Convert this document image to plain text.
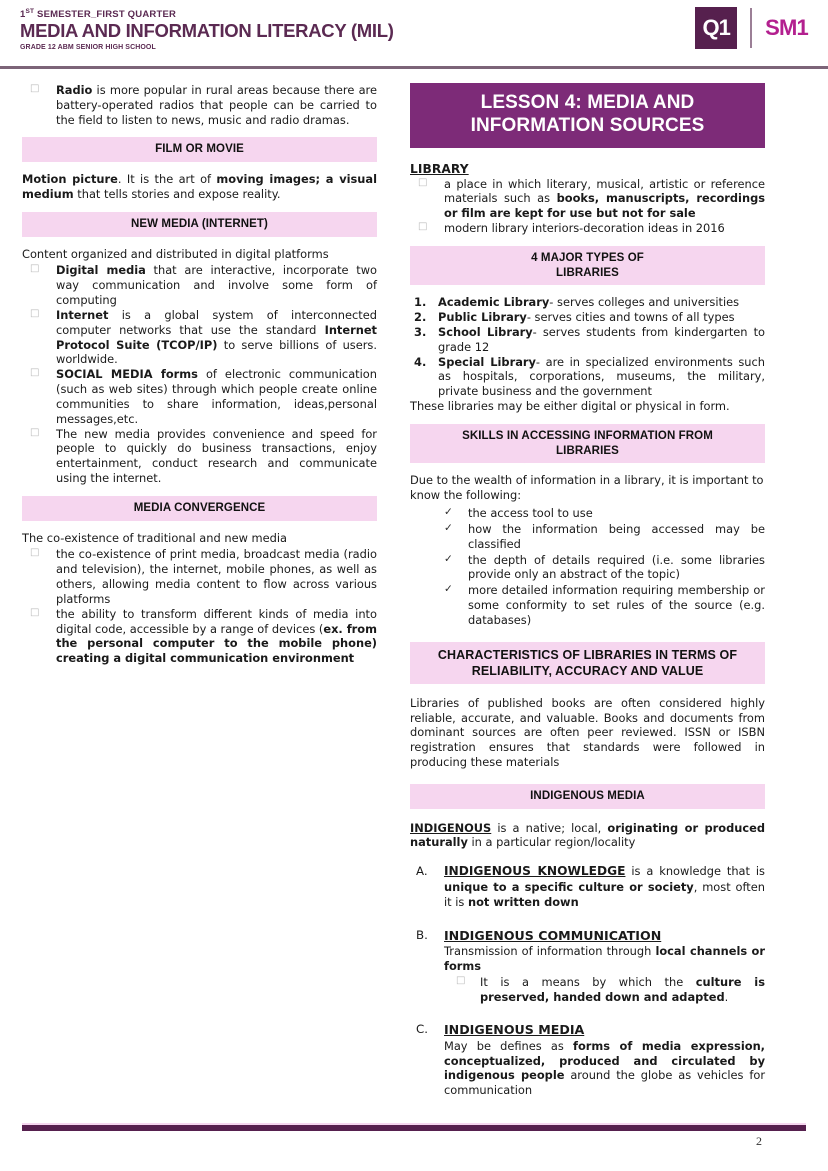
1ST SEMESTER_FIRST QUARTER
MEDIA AND INFORMATION LITERACY (MIL)
GRADE 12 ABM SENIOR HIGH SCHOOL
Q1	SM1
□ Radio is more popular in rural areas because there are battery-operated radios that people can be carried to the field to listen to news, music and radio dramas.
FILM OR MOVIE

Motion picture. It is the art of moving images; a visual medium that tells stories and expose reality.

NEW MEDIA (INTERNET)

Content organized and distributed in digital platforms

□ Digital media that are interactive, incorporate two way communication and involve some form of computing
□ Internet is a global system of interconnected computer networks that use the standard Internet Protocol Suite (TCOP/IP) to serve billions of users. worldwide.
□ SOCIAL MEDIA forms of electronic communication (such as web sites) through which people create online communities to share information, ideas,personal messages,etc.
□ The new media provides convenience and speed for people to quickly do business transactions, enjoy entertainment, conduct research and communicate using the internet.
MEDIA CONVERGENCE

The co-existence of traditional and new media

□ the co-existence of print media, broadcast media (radio and television), the internet, mobile phones, as well as others, allowing media content to flow across various platforms
□ the ability to transform different kinds of media into digital code, accessible by a range of devices (ex. from the personal computer to the mobile phone) creating a digital communication environment
LESSON 4: MEDIA AND
INFORMATION SOURCES
LIBRARY
□ a place in which literary, musical, artistic or reference materials such as books, manuscripts, recordings or film are kept for use but not for sale
□ modern library interiors-decoration ideas in 2016
4 MAJOR TYPES OF
LIBRARIES
Academic Library- serves colleges and universities
Public Library- serves cities and towns of all types
School Library- serves students from kindergarten to grade 12
Special Library- are in specialized environments such as hospitals, corporations, museums, the military, private business and the government

These libraries may be either digital or physical in form.

SKILLS IN ACCESSING INFORMATION FROM
LIBRARIES

Due to the wealth of information in a library, it is important to know the following:

✓ the access tool to use
✓ how the information being accessed may be classified
✓ the depth of details required (i.e. some libraries provide only an abstract of the topic)
✓ more detailed information requiring membership or some conformity to set rules of the source (e.g. databases)
CHARACTERISTICS OF LIBRARIES IN TERMS OF
RELIABILITY, ACCURACY AND VALUE

Libraries of published books are often considered highly reliable, accurate, and valuable. Books and documents from dominant sources are often peer reviewed. ISSN or ISBN registration ensures that standards were followed in producing these materials

INDIGENOUS MEDIA

INDIGENOUS is a native; local, originating or produced naturally in a particular region/locality

A. INDIGENOUS KNOWLEDGE is a knowledge that is unique to a specific culture or society, most often it is not written down
B. INDIGENOUS COMMUNICATION
Transmission of information through local channels or forms
□ It is a means by which the culture is preserved, handed down and adapted.
C. INDIGENOUS MEDIA
May be defines as forms of media expression, conceptualized, produced and circulated by indigenous people around the globe as vehicles for communication
2
